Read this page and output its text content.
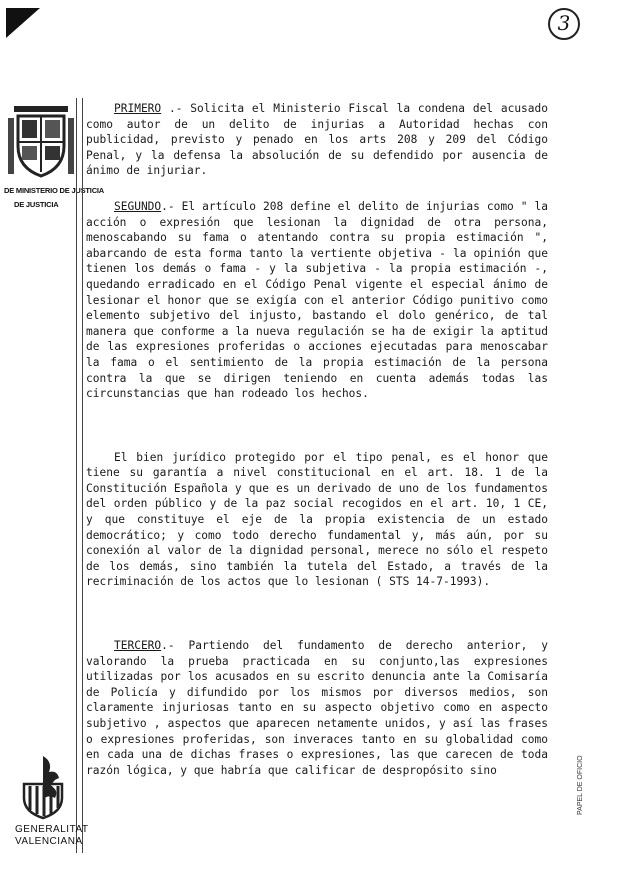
3
DE MINISTERIO DE JUSTICIA
DE JUSTICIA
PRIMERO .- Solicita el Ministerio Fiscal la condena del acusado como autor de un delito de injurias a Autoridad hechas con publicidad, previsto y penado en los arts 208 y 209 del Código Penal, y la defensa la absolución de su defendido por ausencia de ánimo de injuriar.
SEGUNDO.- El artículo 208 define el delito de injurias como " la acción o expresión que lesionan la dignidad de otra persona, menoscabando su fama o atentando contra su propia estimación ", abarcando de esta forma tanto la vertiente objetiva - la opinión que tienen los demás o fama - y la subjetiva - la propia estimación -, quedando erradicado en el Código Penal vigente el especial ánimo de lesionar el honor que se exigía con el anterior Código punitivo como elemento subjetivo del injusto, bastando el dolo genérico, de tal manera que conforme a la nueva regulación se ha de exigir la aptitud de las expresiones proferidas o acciones ejecutadas para menoscabar la fama o el sentimiento de la propia estimación de la persona contra la que se dirigen teniendo en cuenta además todas las circunstancias que han rodeado los hechos.
El bien jurídico protegido por el tipo penal, es el honor que tiene su garantía a nivel constitucional en el art. 18. 1 de la Constitución Española y que es un derivado de uno de los fundamentos del orden público y de la paz social recogidos en el art. 10, 1 CE, y que constituye el eje de la propia existencia de un estado democrático; y como todo derecho fundamental y, más aún, por su conexión al valor de la dignidad personal, merece no sólo el respeto de los demás, sino también la tutela del Estado, a través de la recriminación de los actos que lo lesionan ( STS 14-7-1993).
TERCERO.- Partiendo del fundamento de derecho anterior, y valorando la prueba practicada en su conjunto,las expresiones utilizadas por los acusados en su escrito denuncia ante la Comisaría de Policía y difundido por los mismos por diversos medios, son claramente injuriosas tanto en su aspecto objetivo como en aspecto subjetivo , aspectos que aparecen netamente unidos, y así las frases o expresiones proferidas, son inveraces tanto en su globalidad como en cada una de dichas frases o expresiones, las que carecen de toda razón lógica, y que habría que calificar de despropósito sino
GENERALITAT
VALENCIANA
PAPEL DE OFICIO
